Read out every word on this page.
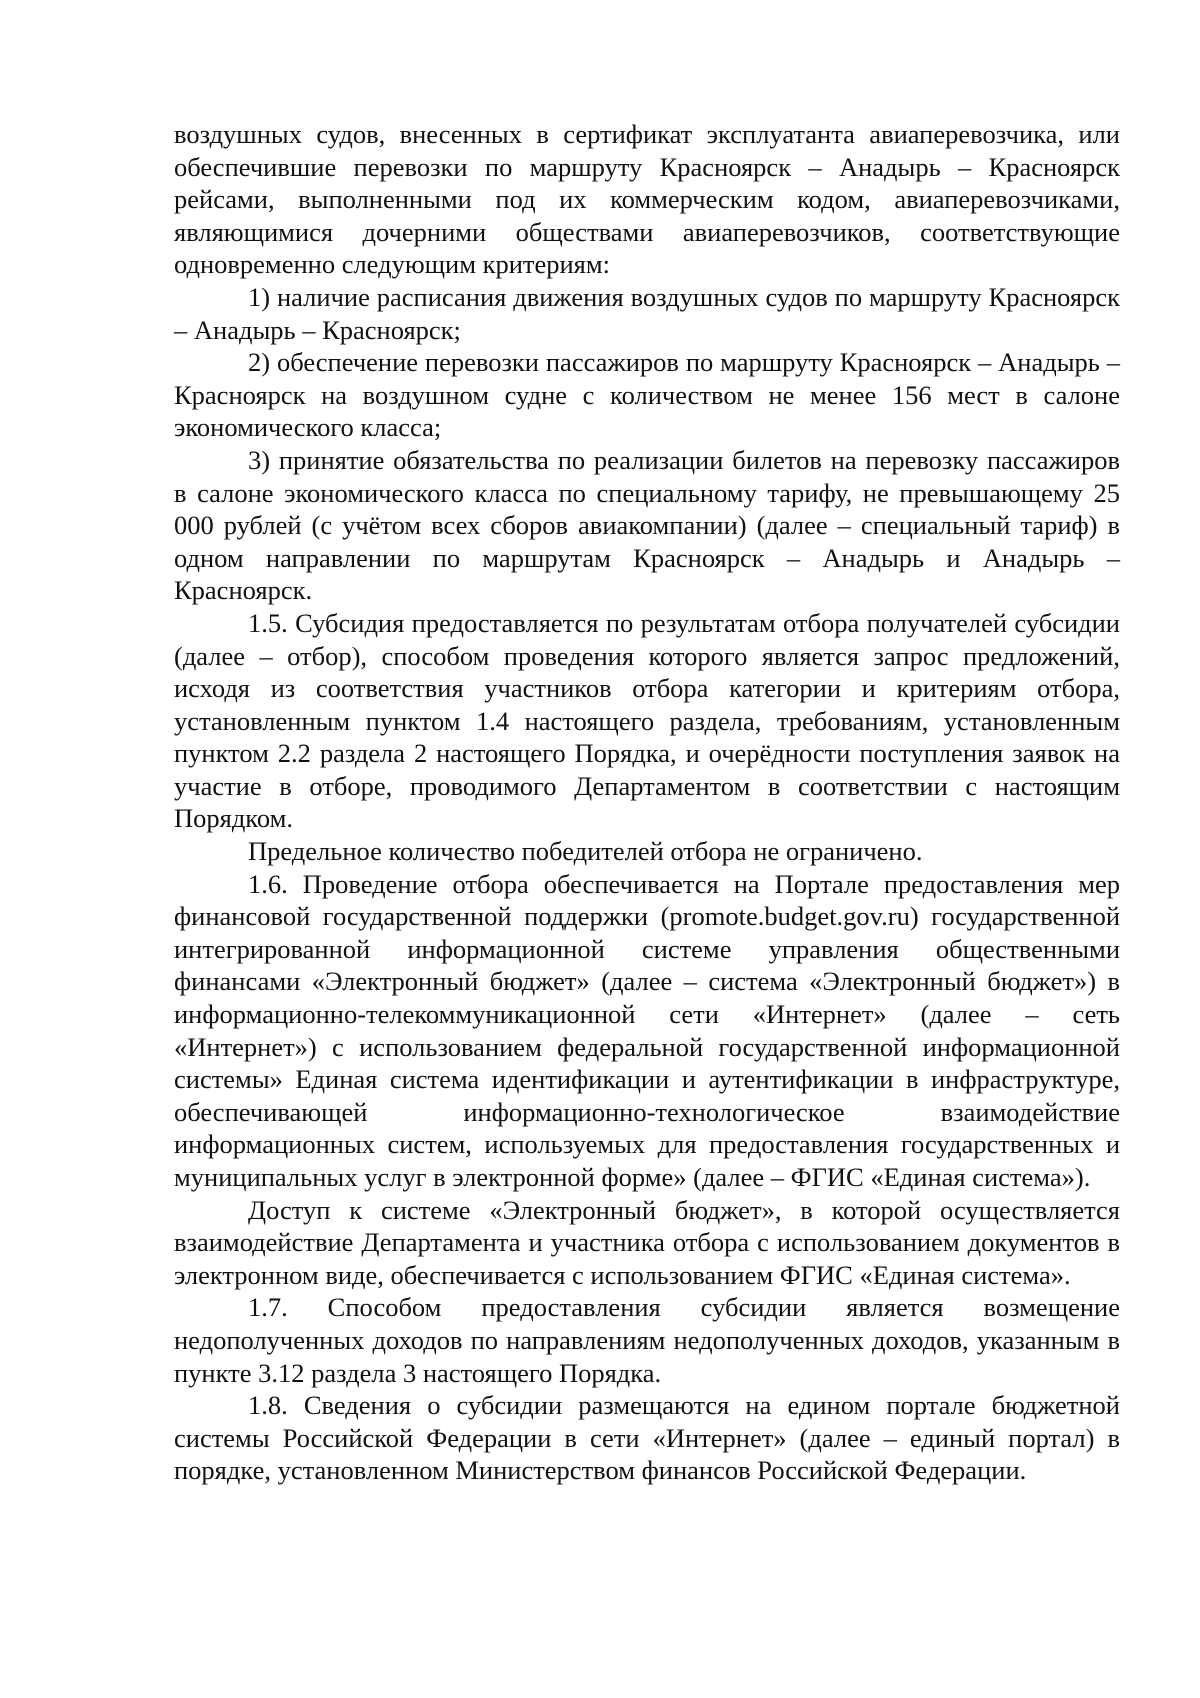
воздушных судов, внесенных в сертификат эксплуатанта авиаперевозчика, или обеспечившие перевозки по маршруту Красноярск – Анадырь – Красноярск рейсами, выполненными под их коммерческим кодом, авиаперевозчиками, являющимися дочерними обществами авиаперевозчиков, соответствующие одновременно следующим критериям:

1) наличие расписания движения воздушных судов по маршруту Красноярск – Анадырь – Красноярск;

2) обеспечение перевозки пассажиров по маршруту Красноярск – Анадырь – Красноярск на воздушном судне с количеством не менее 156 мест в салоне экономического класса;

3) принятие обязательства по реализации билетов на перевозку пассажиров в салоне экономического класса по специальному тарифу, не превышающему 25 000 рублей (с учётом всех сборов авиакомпании) (далее – специальный тариф) в одном направлении по маршрутам Красноярск – Анадырь и Анадырь – Красноярск.

1.5. Субсидия предоставляется по результатам отбора получателей субсидии (далее – отбор), способом проведения которого является запрос предложений, исходя из соответствия участников отбора категории и критериям отбора, установленным пунктом 1.4 настоящего раздела, требованиям, установленным пунктом 2.2 раздела 2 настоящего Порядка, и очерёдности поступления заявок на участие в отборе, проводимого Департаментом в соответствии с настоящим Порядком.

Предельное количество победителей отбора не ограничено.

1.6. Проведение отбора обеспечивается на Портале предоставления мер финансовой государственной поддержки (promote.budget.gov.ru) государственной интегрированной информационной системе управления общественными финансами «Электронный бюджет» (далее – система «Электронный бюджет») в информационно-телекоммуникационной сети «Интернет» (далее – сеть «Интернет») с использованием федеральной государственной информационной системы» Единая система идентификации и аутентификации в инфраструктуре, обеспечивающей информационно-технологическое взаимодействие информационных систем, используемых для предоставления государственных и муниципальных услуг в электронной форме» (далее – ФГИС «Единая система»).

Доступ к системе «Электронный бюджет», в которой осуществляется взаимодействие Департамента и участника отбора с использованием документов в электронном виде, обеспечивается с использованием ФГИС «Единая система».

1.7. Способом предоставления субсидии является возмещение недополученных доходов по направлениям недополученных доходов, указанным в пункте 3.12 раздела 3 настоящего Порядка.

1.8. Сведения о субсидии размещаются на едином портале бюджетной системы Российской Федерации в сети «Интернет» (далее – единый портал) в порядке, установленном Министерством финансов Российской Федерации.
